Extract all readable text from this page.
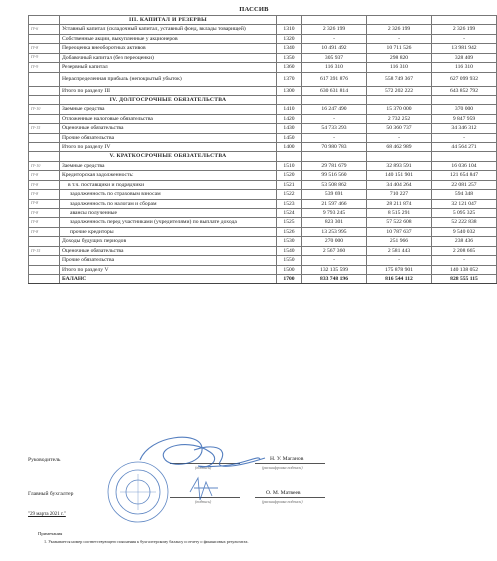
ПАССИВ
	III. КАПИТАЛ И РЕЗЕРВЫ				
IV-6	Уставный капитал (складочный капитал, уставный фонд, вклады товарищей)	1310	2 326 199	2 326 199	2 326 199
	Собственные акции, выкупленные у акционеров	1320	-	-	-
IV-8	Переоценка внеоборотных активов	1340	10 491 492	10 711 526	13 981 942
IV-9	Добавочный капитал (без переоценки)	1350	305 937	298 820	328 409
IV-9	Резервный капитал	1360	116 310	116 310	116 310
	Нераспределенная прибыль (непокрытый убыток)	1370	617 391 876	558 749 367	627 099 932
	Итого по разделу III	1300	630 631 814	572 202 222	643 852 792
	IV. ДОЛГОСРОЧНЫЕ ОБЯЗАТЕЛЬСТВА				
IV-10	Заемные средства	1410	16 247 490	15 370 000	370 000
	Отложенные налоговые обязательства	1420	-	2 732 252	9 847 959
IV-15	Оценочные обязательства	1430	54 733 293	50 360 737	34 346 312
	Прочие обязательства	1450	-	-	-
	Итого по разделу IV	1400	70 980 783	68 462 989	44 564 271
	V. КРАТКОСРОЧНЫЕ ОБЯЗАТЕЛЬСТВА				
IV-10	Заемные средства	1510	29 781 679	32 893 591	16 036 104
IV-8	Кредиторская задолженность:	1520	99 516 560	140 151 901	121 654 847
IV-8	в т.ч. поставщики и подрядчики	1521	53 508 862	34 404 264	22 081 257
IV-8	задолженность по страховым взносам	1522	539 691	710 227	594 348
IV-8	задолженность по налогам и сборам	1523	21 597 466	28 211 874	32 121 047
IV-8	авансы полученные	1524	9 793 245	8 515 291	5 095 325
IV-8	задолженность перед участниками (учредителями) по выплате дохода	1525	823 301	57 522 608	52 222 838
IV-8	прочие кредиторы	1526	13 253 995	10 787 637	9 540 032
	Доходы будущих периодов	1530	270 000	251 966	238 436
IV-15	Оценочные обязательства	1540	2 567 360	2 581 443	2 208 665
	Прочие обязательства	1550	-	-	-
	Итого по разделу V	1500	132 135 599	175 878 901	140 138 052
	БАЛАНС	1700	833 748 196	816 544 112	828 555 115
Руководитель
(подпись)
Н. У. Маганов
(расшифровка подписи)
Главный бухгалтер
(подпись)
О. М. Матвеев
(расшифровка подписи)
"29 марта 2021 г."
Примечания
1. Указывается номер соответствующего пояснения к бухгалтерскому балансу и отчету о финансовых результатах.
